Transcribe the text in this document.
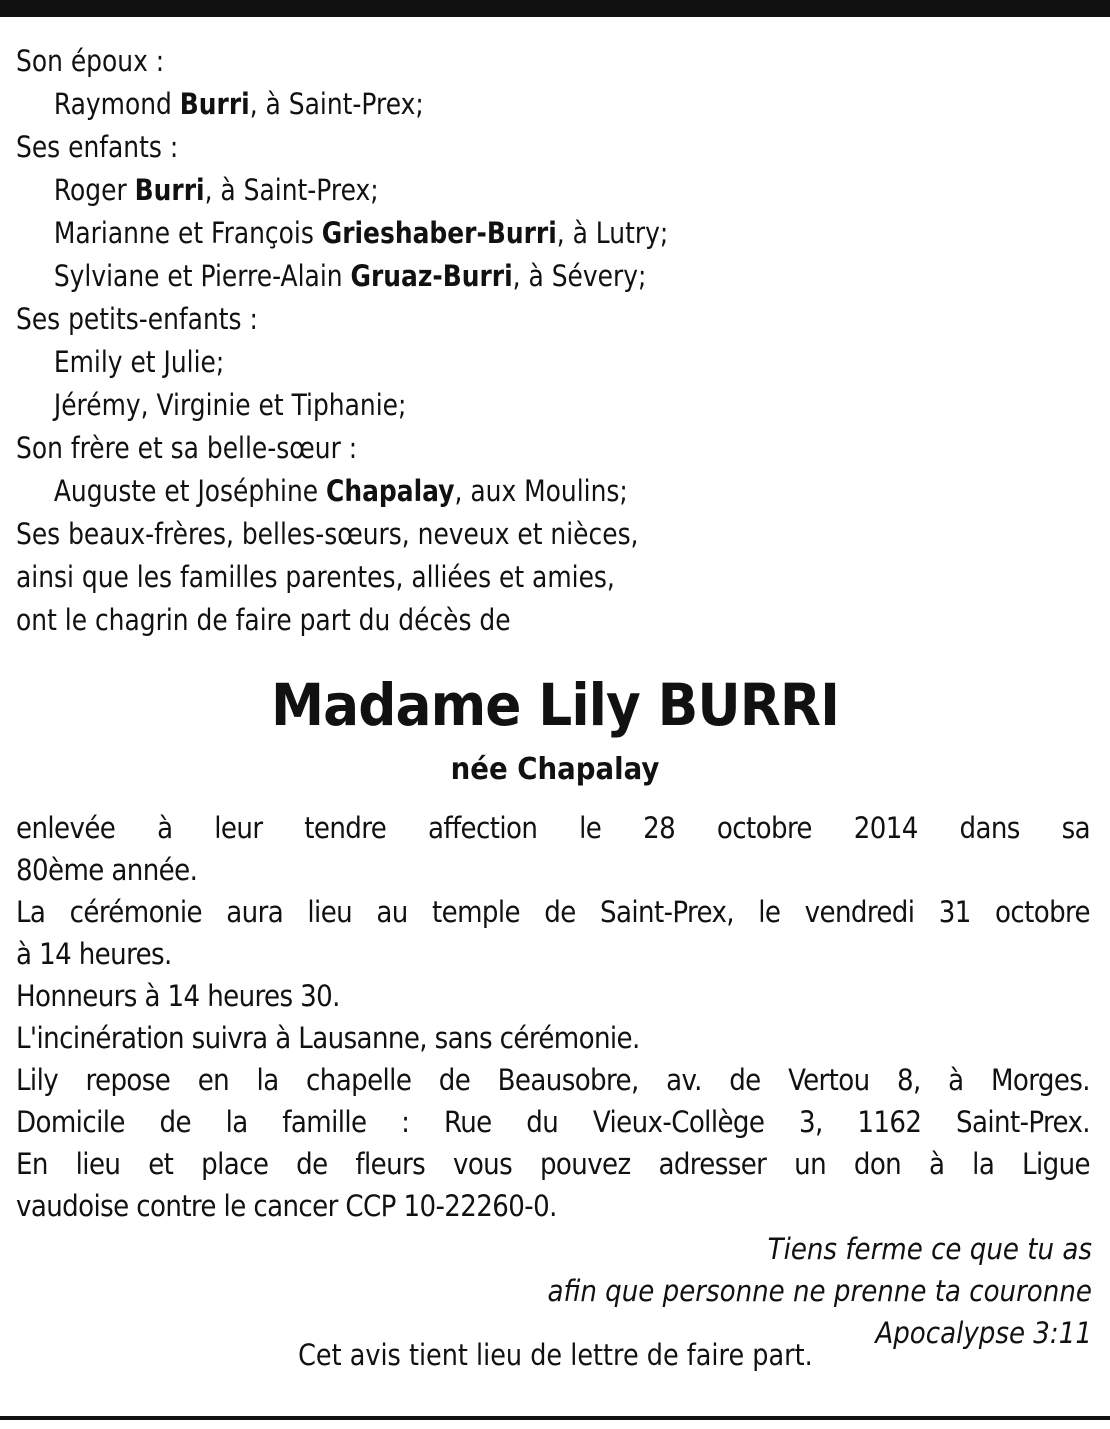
Son époux :
Raymond Burri, à Saint-Prex;
Ses enfants :
Roger Burri, à Saint-Prex;
Marianne et François Grieshaber-Burri, à Lutry;
Sylviane et Pierre-Alain Gruaz-Burri, à Sévery;
Ses petits-enfants :
Emily et Julie;
Jérémy, Virginie et Tiphanie;
Son frère et sa belle-sœur :
Auguste et Joséphine Chapalay, aux Moulins;
Ses beaux-frères, belles-sœurs, neveux et nièces,
ainsi que les familles parentes, alliées et amies,
ont le chagrin de faire part du décès de
Madame Lily BURRI
née Chapalay
enlevée à leur tendre affection le 28 octobre 2014 dans sa
80ème année.
La cérémonie aura lieu au temple de Saint-Prex, le vendredi 31 octobre
à 14 heures.
Honneurs à 14 heures 30.
L'incinération suivra à Lausanne, sans cérémonie.
Lily repose en la chapelle de Beausobre, av. de Vertou 8, à Morges.
Domicile de la famille : Rue du Vieux-Collège 3, 1162 Saint-Prex.
En lieu et place de fleurs vous pouvez adresser un don à la Ligue
vaudoise contre le cancer CCP 10-22260-0.
Tiens ferme ce que tu as
afin que personne ne prenne ta couronne
Apocalypse 3:11
Cet avis tient lieu de lettre de faire part.
